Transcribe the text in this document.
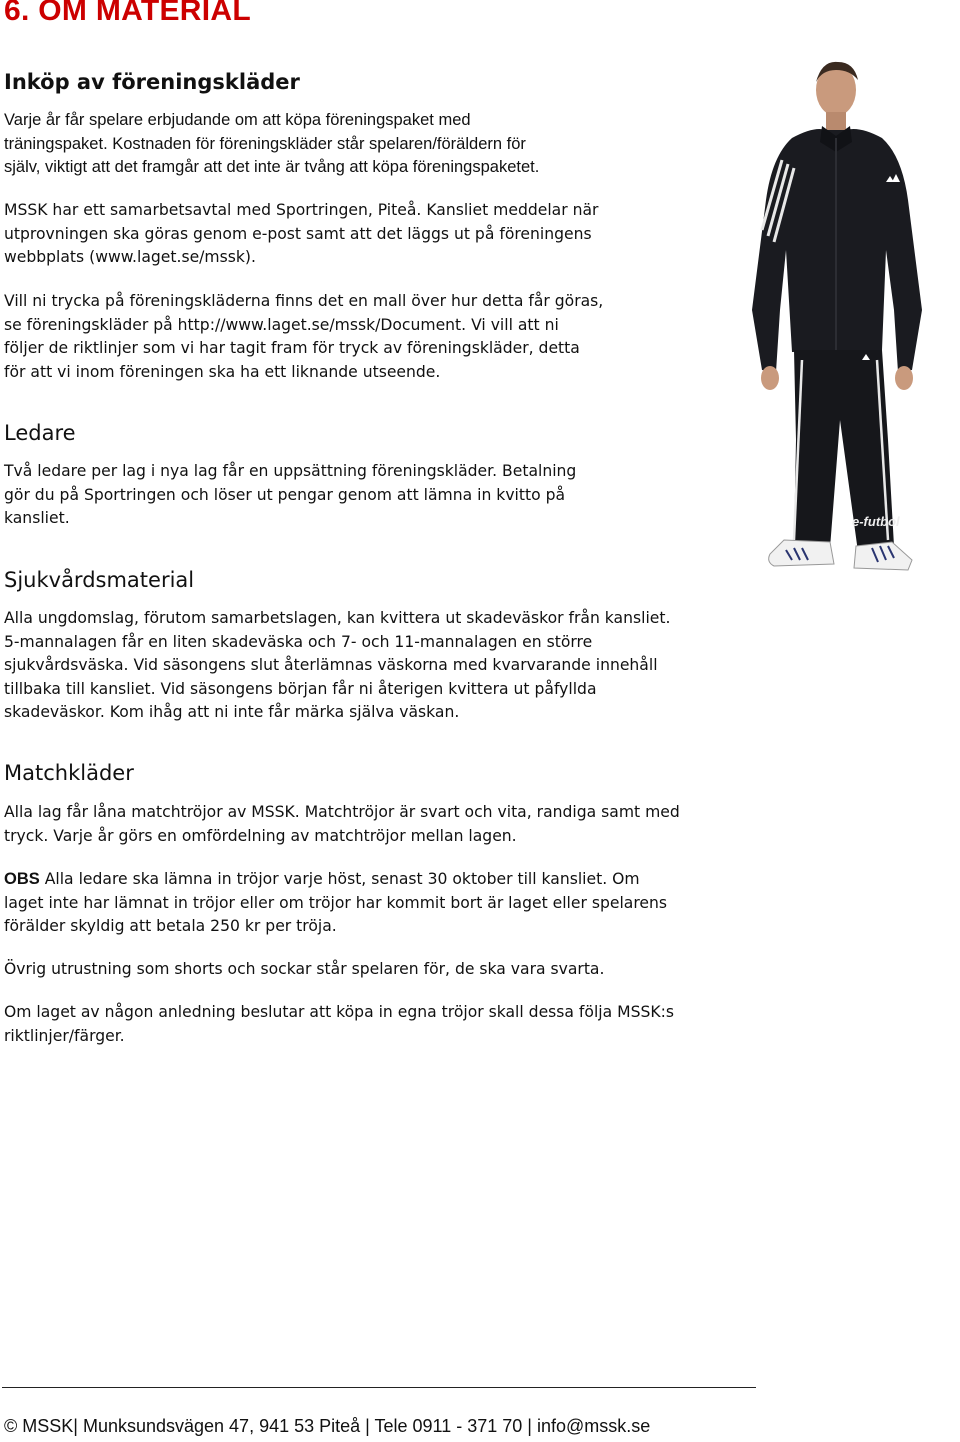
6. OM MATERIAL
Inköp av föreningskläder
Varje år får spelare erbjudande om att köpa föreningspaket med
träningspaket. Kostnaden för föreningskläder står spelaren/föräldern för
själv, viktigt att det framgår att det inte är tvång att köpa föreningspaketet.
MSSK har ett samarbetsavtal med Sportringen, Piteå. Kansliet meddelar när
utprovningen ska göras genom e-post samt att det läggs ut på föreningens
webbplats (www.laget.se/mssk).
Vill ni trycka på föreningskläderna finns det en mall över hur detta får göras,
se föreningskläder på http://www.laget.se/mssk/Document. Vi vill att ni
följer de riktlinjer som vi har tagit fram för tryck av föreningskläder, detta
för att vi inom föreningen ska ha ett liknande utseende.
Ledare
Två ledare per lag i nya lag får en uppsättning föreningskläder. Betalning
gör du på Sportringen och löser ut pengar genom att lämna in kvitto på
kansliet.
Sjukvårdsmaterial
Alla ungdomslag, förutom samarbetslagen, kan kvittera ut skadeväskor från kansliet.
5-mannalagen får en liten skadeväska och 7- och 11-mannalagen en större
sjukvårdsväska. Vid säsongens slut återlämnas väskorna med kvarvarande innehåll
tillbaka till kansliet. Vid säsongens början får ni återigen kvittera ut påfyllda
skadeväskor. Kom ihåg att ni inte får märka själva väskan.
Matchkläder
Alla lag får låna matchtröjor av MSSK. Matchtröjor är svart och vita, randiga samt med
tryck. Varje år görs en omfördelning av matchtröjor mellan lagen.
OBS Alla ledare ska lämna in tröjor varje höst, senast 30 oktober till kansliet. Om
laget inte har lämnat in tröjor eller om tröjor har kommit bort är laget eller spelarens
förälder skyldig att betala 250 kr per tröja.
Övrig utrustning som shorts och sockar står spelaren för, de ska vara svarta.
Om laget av någon anledning beslutar att köpa in egna tröjor skall dessa följa MSSK:s
riktlinjer/färger.
e-futbol
© MSSK| Munksundsvägen 47, 941 53 Piteå | Tele 0911 - 371 70 | info@mssk.se
